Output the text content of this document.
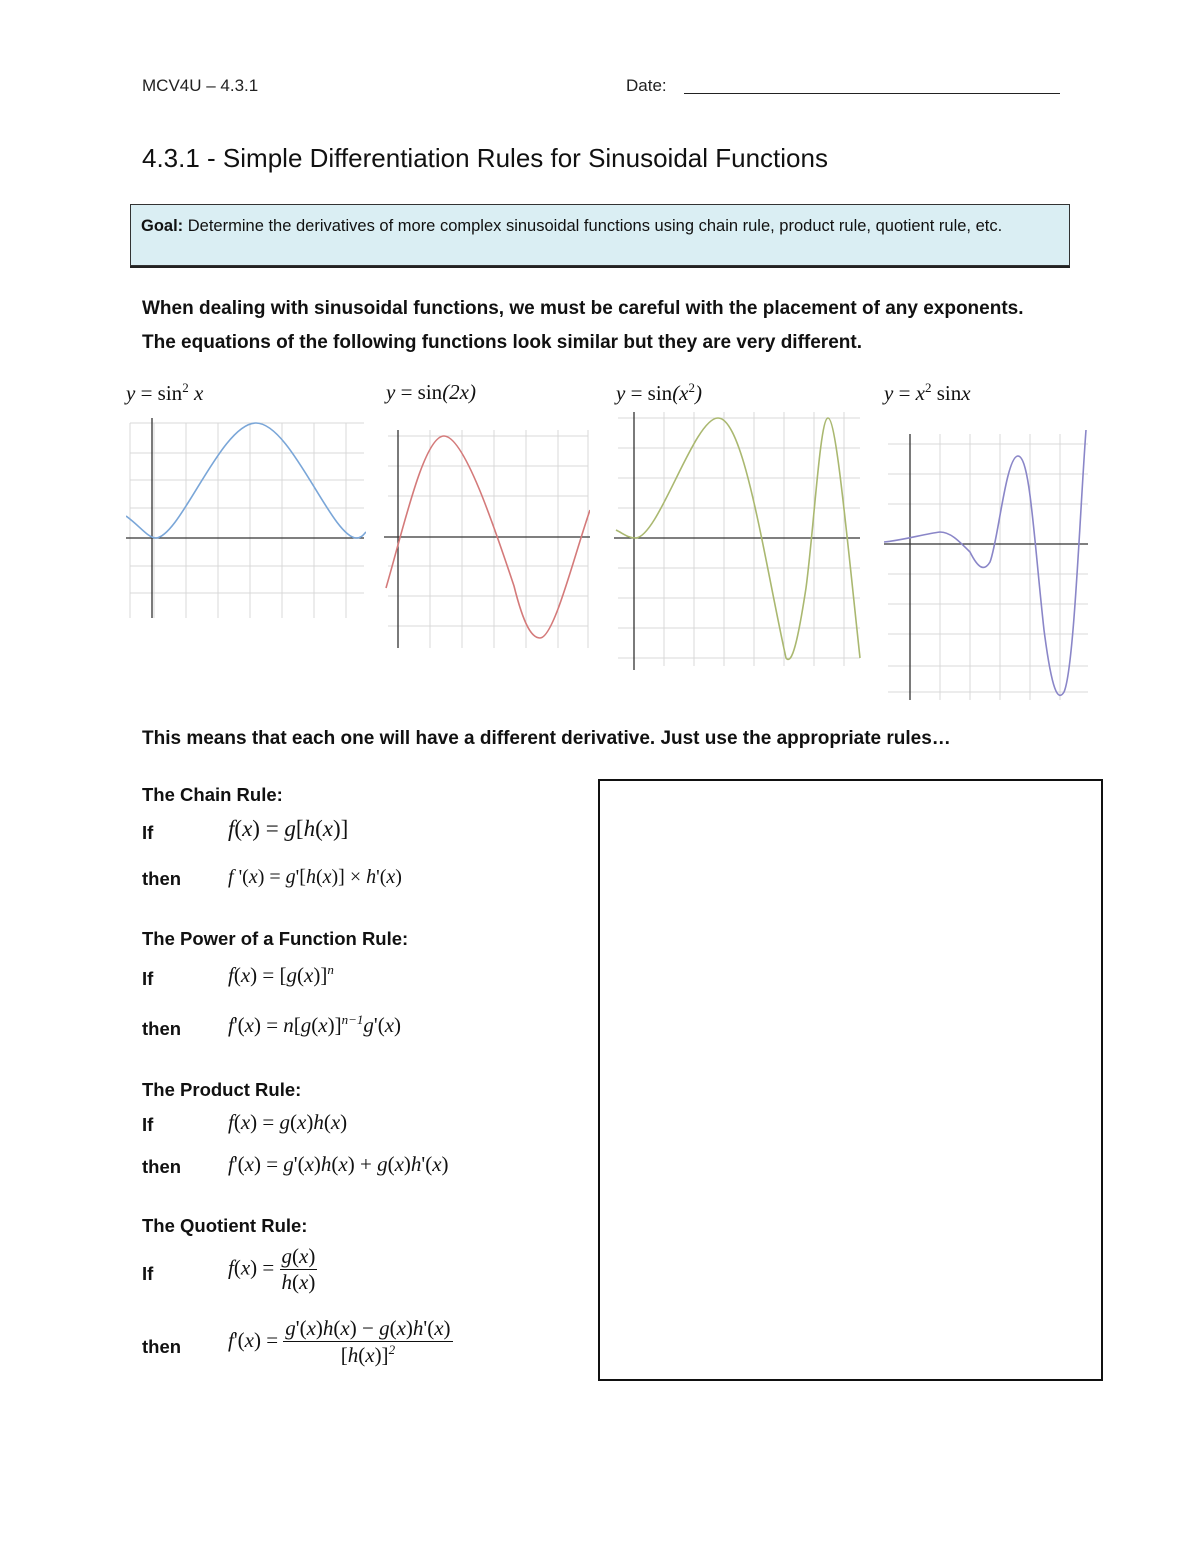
MCV4U – 4.3.1	Date:
4.3.1 - Simple Differentiation Rules for Sinusoidal Functions
Goal: Determine the derivatives of more complex sinusoidal functions using chain rule, product rule, quotient rule, etc.
When dealing with sinusoidal functions, we must be careful with the placement of any exponents. The equations of the following functions look similar but they are very different.
$y = \sin^2 x$	y = sin(2x)	$y = \sin(x^2)$	$y = x^2$ sinx
This means that each one will have a different derivative. Just use the appropriate rules…
The Chain Rule:
If	f(x) = g[h(x)]
then f '(x) = g'[h(x)] × h'(x)
The Power of a Function Rule:
If	$f(x) = [g(x)]^n$
then $f'(x) = n[g(x)]^{n-1}g'(x)$
The Product Rule:
If	f(x) = g(x)h(x)
then f'(x) = g'(x)h(x) + g(x)h'(x)
The Quotient Rule:
If	$f(x) = \frac{g(x)}{h(x)}$
then $f'(x) = \frac{g'(x)h(x) - g(x)h'(x)}{[h(x)]^2}$
